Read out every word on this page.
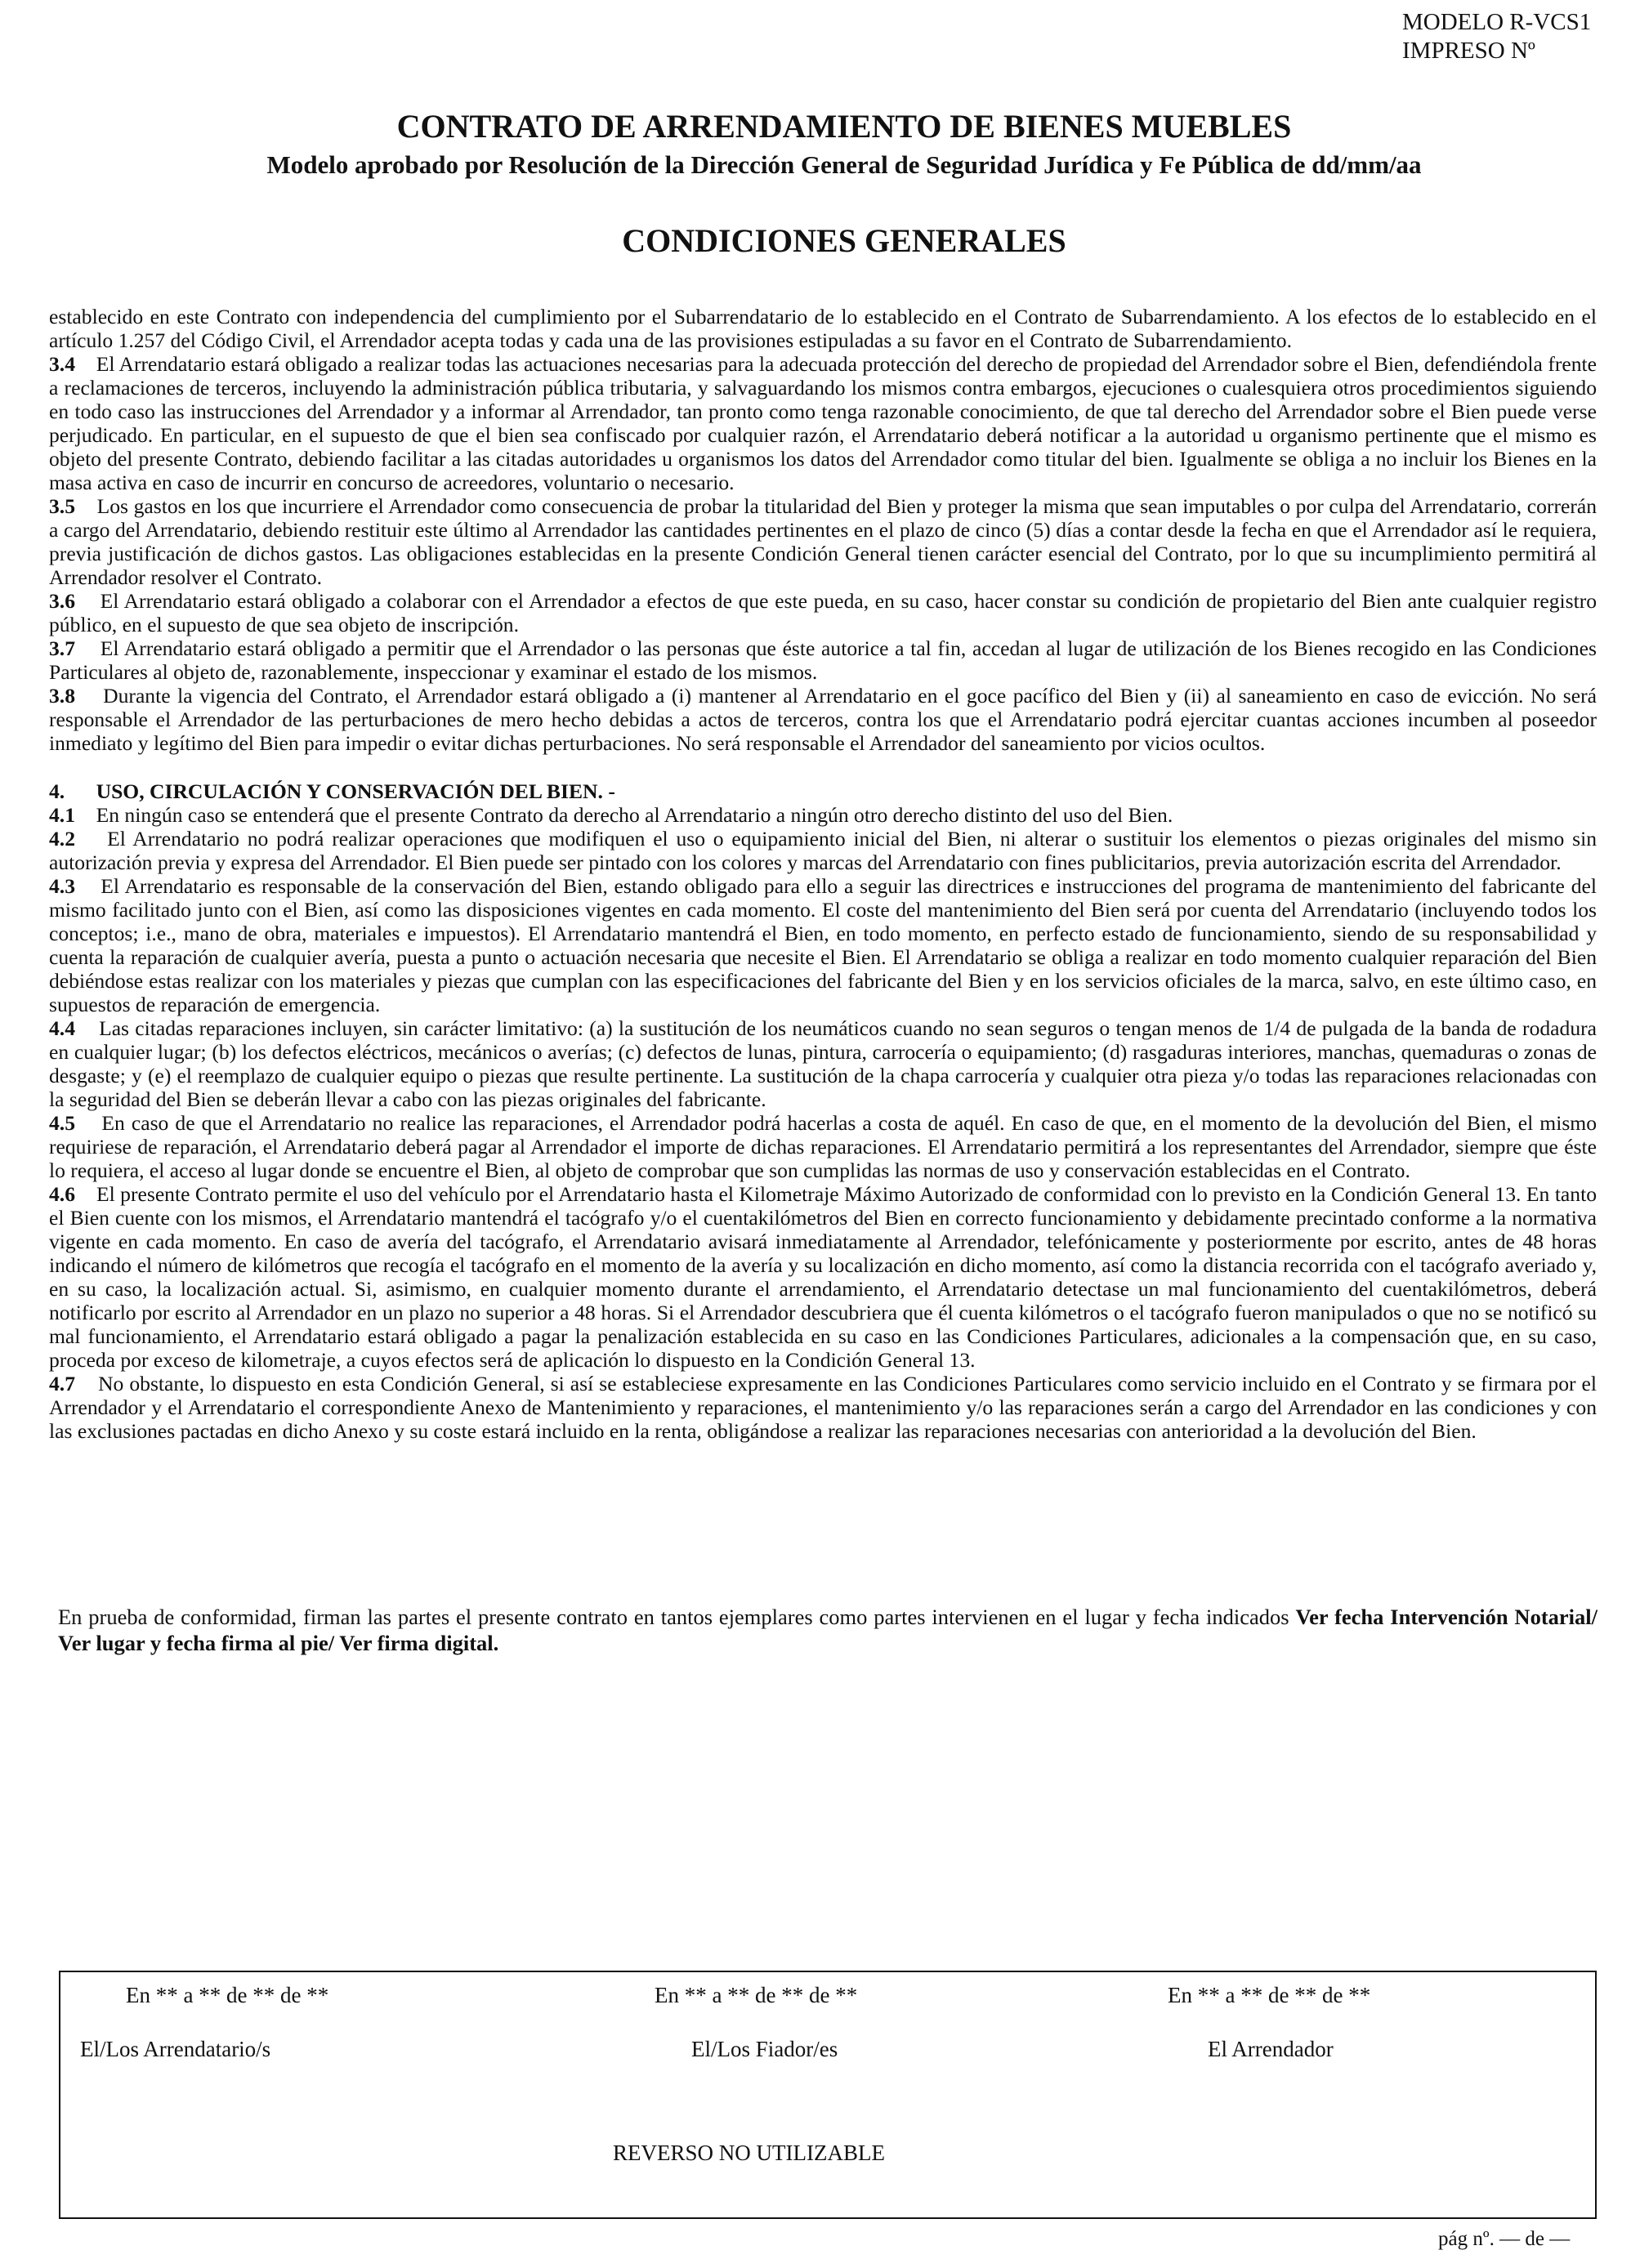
MODELO R-VCS1
IMPRESO Nº
CONTRATO DE ARRENDAMIENTO DE BIENES MUEBLES
Modelo aprobado por Resolución de la Dirección General de Seguridad Jurídica y Fe Pública de dd/mm/aa
CONDICIONES GENERALES

establecido en este Contrato con independencia del cumplimiento por el Subarrendatario de lo establecido en el Contrato de Subarrendamiento. A los efectos de lo establecido en el artículo 1.257 del Código Civil, el Arrendador acepta todas y cada una de las provisiones estipuladas a su favor en el Contrato de Subarrendamiento.

3.4 El Arrendatario estará obligado a realizar todas las actuaciones necesarias para la adecuada protección del derecho de propiedad del Arrendador sobre el Bien, defendiéndola frente a reclamaciones de terceros, incluyendo la administración pública tributaria, y salvaguardando los mismos contra embargos, ejecuciones o cualesquiera otros procedimientos siguiendo en todo caso las instrucciones del Arrendador y a informar al Arrendador, tan pronto como tenga razonable conocimiento, de que tal derecho del Arrendador sobre el Bien puede verse perjudicado. En particular, en el supuesto de que el bien sea confiscado por cualquier razón, el Arrendatario deberá notificar a la autoridad u organismo pertinente que el mismo es objeto del presente Contrato, debiendo facilitar a las citadas autoridades u organismos los datos del Arrendador como titular del bien. Igualmente se obliga a no incluir los Bienes en la masa activa en caso de incurrir en concurso de acreedores, voluntario o necesario.

3.5 Los gastos en los que incurriere el Arrendador como consecuencia de probar la titularidad del Bien y proteger la misma que sean imputables o por culpa del Arrendatario, correrán a cargo del Arrendatario, debiendo restituir este último al Arrendador las cantidades pertinentes en el plazo de cinco (5) días a contar desde la fecha en que el Arrendador así le requiera, previa justificación de dichos gastos. Las obligaciones establecidas en la presente Condición General tienen carácter esencial del Contrato, por lo que su incumplimiento permitirá al Arrendador resolver el Contrato.

3.6 El Arrendatario estará obligado a colaborar con el Arrendador a efectos de que este pueda, en su caso, hacer constar su condición de propietario del Bien ante cualquier registro público, en el supuesto de que sea objeto de inscripción.

3.7 El Arrendatario estará obligado a permitir que el Arrendador o las personas que éste autorice a tal fin, accedan al lugar de utilización de los Bienes recogido en las Condiciones Particulares al objeto de, razonablemente, inspeccionar y examinar el estado de los mismos.

3.8 Durante la vigencia del Contrato, el Arrendador estará obligado a (i) mantener al Arrendatario en el goce pacífico del Bien y (ii) al saneamiento en caso de evicción. No será responsable el Arrendador de las perturbaciones de mero hecho debidas a actos de terceros, contra los que el Arrendatario podrá ejercitar cuantas acciones incumben al poseedor inmediato y legítimo del Bien para impedir o evitar dichas perturbaciones. No será responsable el Arrendador del saneamiento por vicios ocultos.

4.      USO, CIRCULACIÓN Y CONSERVACIÓN DEL BIEN. -

4.1 En ningún caso se entenderá que el presente Contrato da derecho al Arrendatario a ningún otro derecho distinto del uso del Bien.

4.2 El Arrendatario no podrá realizar operaciones que modifiquen el uso o equipamiento inicial del Bien, ni alterar o sustituir los elementos o piezas originales del mismo sin autorización previa y expresa del Arrendador. El Bien puede ser pintado con los colores y marcas del Arrendatario con fines publicitarios, previa autorización escrita del Arrendador.

4.3 El Arrendatario es responsable de la conservación del Bien, estando obligado para ello a seguir las directrices e instrucciones del programa de mantenimiento del fabricante del mismo facilitado junto con el Bien, así como las disposiciones vigentes en cada momento. El coste del mantenimiento del Bien será por cuenta del Arrendatario (incluyendo todos los conceptos; i.e., mano de obra, materiales e impuestos). El Arrendatario mantendrá el Bien, en todo momento, en perfecto estado de funcionamiento, siendo de su responsabilidad y cuenta la reparación de cualquier avería, puesta a punto o actuación necesaria que necesite el Bien. El Arrendatario se obliga a realizar en todo momento cualquier reparación del Bien debiéndose estas realizar con los materiales y piezas que cumplan con las especificaciones del fabricante del Bien y en los servicios oficiales de la marca, salvo, en este último caso, en supuestos de reparación de emergencia.

4.4 Las citadas reparaciones incluyen, sin carácter limitativo: (a) la sustitución de los neumáticos cuando no sean seguros o tengan menos de 1/4 de pulgada de la banda de rodadura en cualquier lugar; (b) los defectos eléctricos, mecánicos o averías; (c) defectos de lunas, pintura, carrocería o equipamiento; (d) rasgaduras interiores, manchas, quemaduras o zonas de desgaste; y (e) el reemplazo de cualquier equipo o piezas que resulte pertinente. La sustitución de la chapa carrocería y cualquier otra pieza y/o todas las reparaciones relacionadas con la seguridad del Bien se deberán llevar a cabo con las piezas originales del fabricante.

4.5 En caso de que el Arrendatario no realice las reparaciones, el Arrendador podrá hacerlas a costa de aquél. En caso de que, en el momento de la devolución del Bien, el mismo requiriese de reparación, el Arrendatario deberá pagar al Arrendador el importe de dichas reparaciones. El Arrendatario permitirá a los representantes del Arrendador, siempre que éste lo requiera, el acceso al lugar donde se encuentre el Bien, al objeto de comprobar que son cumplidas las normas de uso y conservación establecidas en el Contrato.

4.6 El presente Contrato permite el uso del vehículo por el Arrendatario hasta el Kilometraje Máximo Autorizado de conformidad con lo previsto en la Condición General 13. En tanto el Bien cuente con los mismos, el Arrendatario mantendrá el tacógrafo y/o el cuentakilómetros del Bien en correcto funcionamiento y debidamente precintado conforme a la normativa vigente en cada momento. En caso de avería del tacógrafo, el Arrendatario avisará inmediatamente al Arrendador, telefónicamente y posteriormente por escrito, antes de 48 horas indicando el número de kilómetros que recogía el tacógrafo en el momento de la avería y su localización en dicho momento, así como la distancia recorrida con el tacógrafo averiado y, en su caso, la localización actual. Si, asimismo, en cualquier momento durante el arrendamiento, el Arrendatario detectase un mal funcionamiento del cuentakilómetros, deberá notificarlo por escrito al Arrendador en un plazo no superior a 48 horas. Si el Arrendador descubriera que él cuenta kilómetros o el tacógrafo fueron manipulados o que no se notificó su mal funcionamiento, el Arrendatario estará obligado a pagar la penalización establecida en su caso en las Condiciones Particulares, adicionales a la compensación que, en su caso, proceda por exceso de kilometraje, a cuyos efectos será de aplicación lo dispuesto en la Condición General 13.

4.7 No obstante, lo dispuesto en esta Condición General, si así se estableciese expresamente en las Condiciones Particulares como servicio incluido en el Contrato y se firmara por el Arrendador y el Arrendatario el correspondiente Anexo de Mantenimiento y reparaciones, el mantenimiento y/o las reparaciones serán a cargo del Arrendador en las condiciones y con las exclusiones pactadas en dicho Anexo y su coste estará incluido en la renta, obligándose a realizar las reparaciones necesarias con anterioridad a la devolución del Bien.

En prueba de conformidad, firman las partes el presente contrato en tantos ejemplares como partes intervienen en el lugar y fecha indicados Ver fecha Intervención Notarial/ Ver lugar y fecha firma al pie/ Ver firma digital.
En ** a ** de ** de **	En ** a ** de ** de **	En ** a ** de ** de **
El/Los Arrendatario/s	El/Los Fiador/es	El Arrendador
REVERSO NO UTILIZABLE
pág nº. — de —
